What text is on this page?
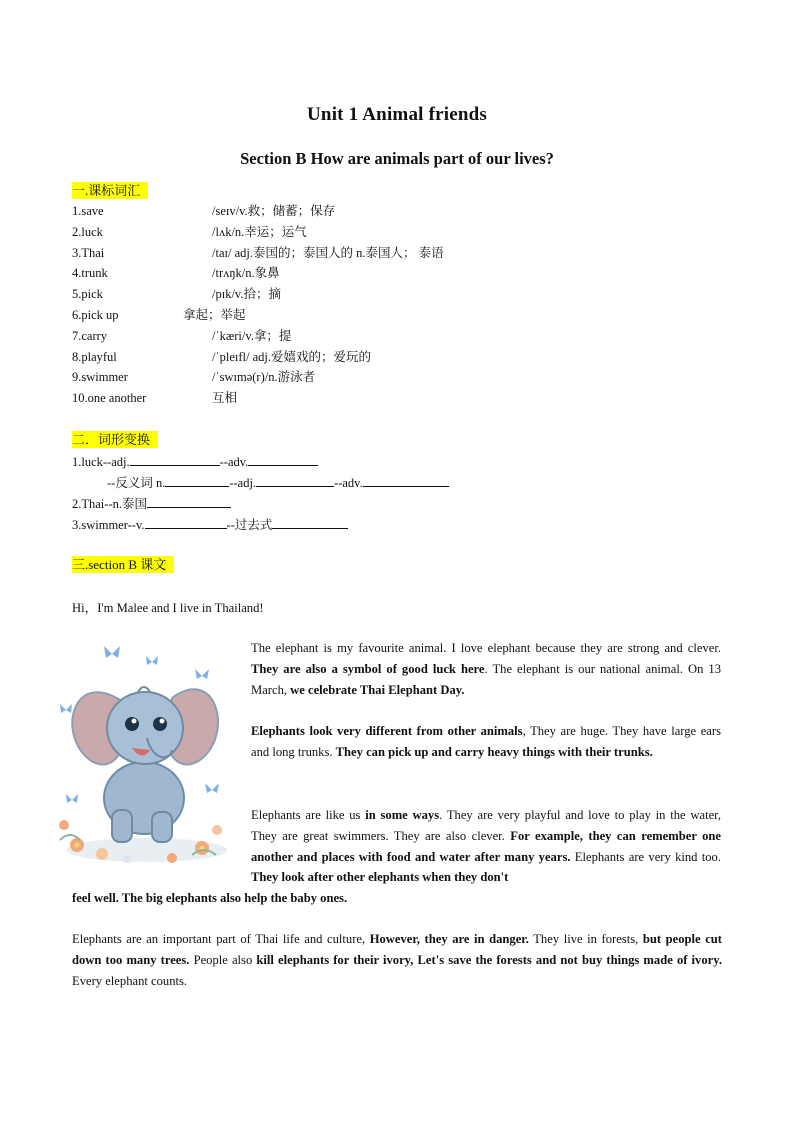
Unit 1 Animal friends
Section B How are animals part of our lives?
一.课标词汇
1.save	/seɪv/v.救；储蓄；保存
2.luck	/lʌk/n.幸运；运气
3.Thai	/taɪ/ adj.泰国的；泰国人的 n.泰国人； 泰语
4.trunk	/trʌŋk/n.象鼻
5.pick	/pɪk/v.拾；摘
6.pick up	拿起；举起
7.carry	/ˈkæri/v.拿；提
8.playful	/ˈpleɪfl/ adj.爱嬉戏的；爱玩的
9.swimmer	/ˈswɪmə(r)/n.游泳者
10.one another	互相
二．词形变换
1.luck--adj.	--adv.
--反义词 n.	--adj.	--adv.
2.Thai--n.泰国
3.swimmer--v.	--过去式
三.section B 课文
Hi，I'm Malee and I live in Thailand!
The elephant is my favourite animal. I love elephant because they are strong and clever. They are also a symbol of good luck here. The elephant is our national animal. On 13 March, we celebrate Thai Elephant Day.
Elephants look very different from other animals, They are huge. They have large ears and long trunks. They can pick up and carry heavy things with their trunks.
Elephants are like us in some ways. They are very playful and love to play in the water, They are great swimmers. They are also clever. For example, they can remember one another and places with food and water after many years. Elephants are very kind too. They look after other elephants when they don't
feel well. The big elephants also help the baby ones.
Elephants are an important part of Thai life and culture, However, they are in danger. They live in forests, but people cut down too many trees. People also kill elephants for their ivory, Let's save the forests and not buy things made of ivory. Every elephant counts.
